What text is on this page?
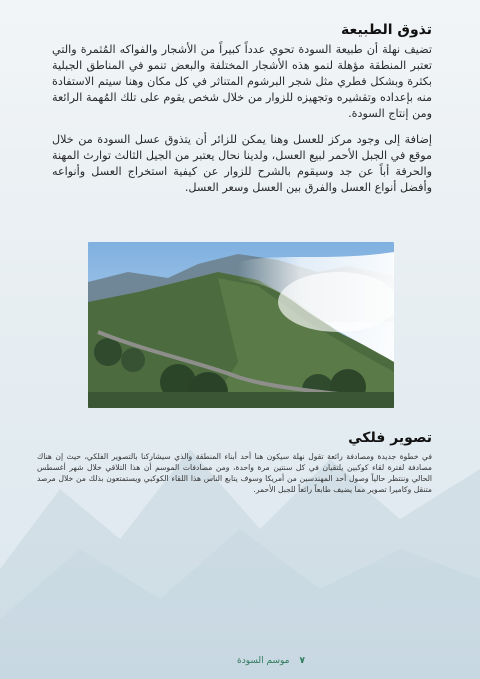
تذوق الطبيعة
تضيف نهلة أن طبيعة السودة تحوي عدداً كبيراً من الأشجار والفواكه المُثمرة والتي تعتبر المنطقة مؤهلة لنمو هذه الأشجار المختلفة والبعض تنمو في المناطق الجبلية بكثرة وبشكل فطري مثل شجر البرشوم المتناثر في كل مكان وهنا سيتم الاستفادة منه بإعداده وتقشيره وتجهيزه للزوار من خلال شخص يقوم على تلك المُهمة الرائعة ومن إنتاج السودة.
إضافة إلى وجود مركز للعسل وهنا يمكن للزائر أن يتذوق عسل السودة من خلال موقع في الجبل الأحمر لبيع العسل، ولدينا نحال يعتبر من الجيل الثالث توارث المهنة والحرفة أباً عن جد وسيقوم بالشرح للزوار عن كيفية استخراج العسل وأنواعه وأفضل أنواع العسل والفرق بين العسل وسعر العسل.
تصوير فلكي
في خطوة جديدة ومصادفة رائعة تقول نهلة سيكون هنا أحد أبناء المنطقة والذي سيشاركنا بالتصوير الفلكي، حيث إن هناك مصادفة لفترة لقاء كوكبين يلتقيان في كل سنتين مرة واحدة، ومن مصادفات الموسم أن هذا التلاقي خلال شهر أغسطس الحالي وننتظر حالياً وصول أحد المهندسين من أمريكا وسوف يتابع الناس هذا اللقاء الكوكبي ويستمتعون بذلك من خلال مرصد متنقل وكاميرا تصوير مما يضيف طابعاً رائعاً للجبل الأحمر.
٧
موسم السودة
